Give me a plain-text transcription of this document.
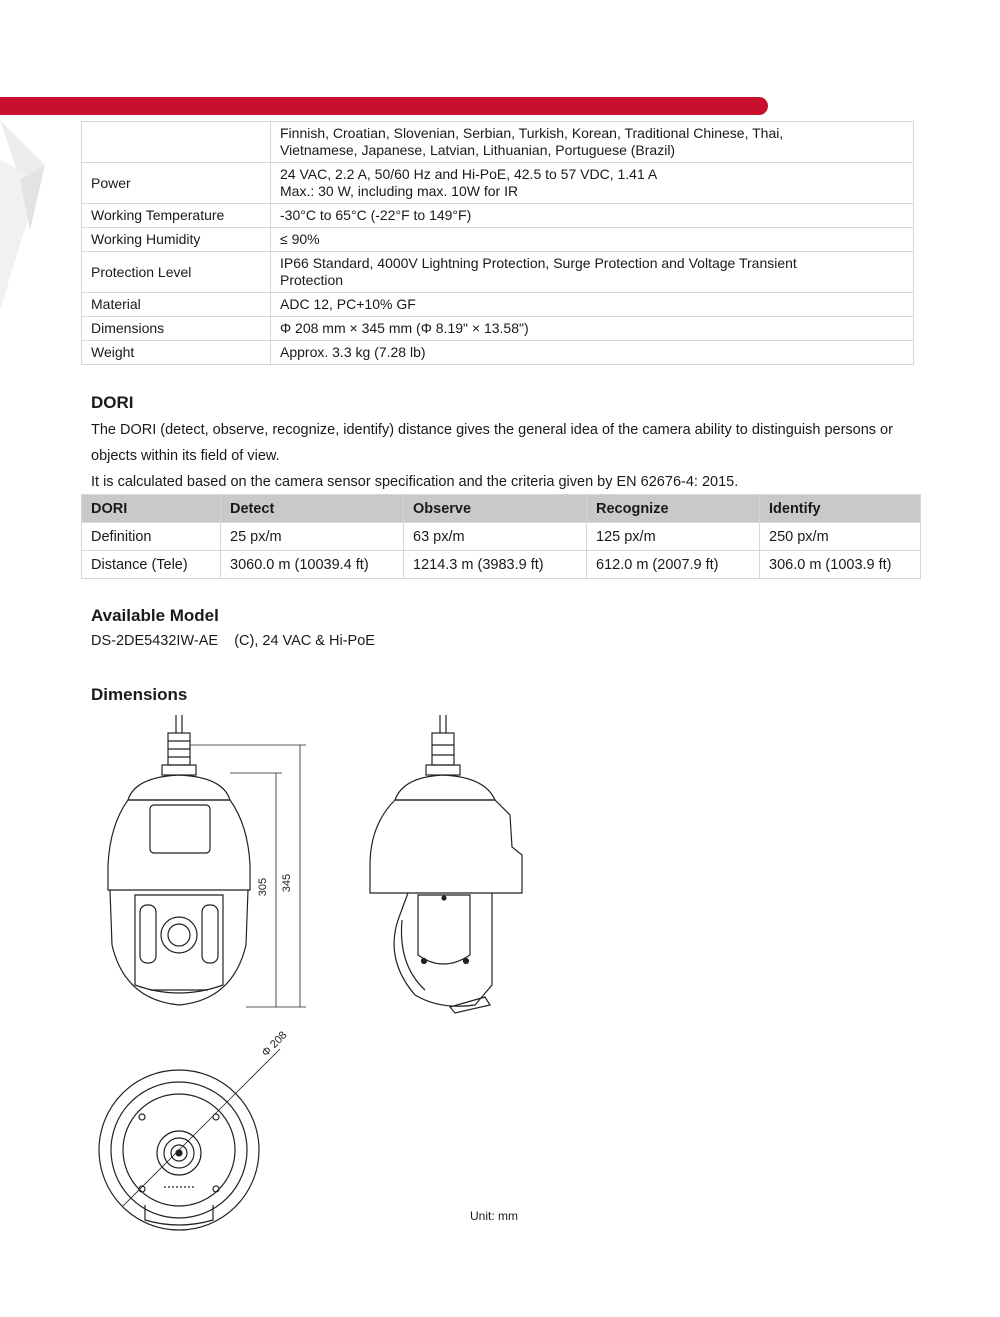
	Finnish, Croatian, Slovenian, Serbian, Turkish, Korean, Traditional Chinese, Thai,
Vietnamese, Japanese, Latvian, Lithuanian, Portuguese (Brazil)

Power	24 VAC, 2.2 A, 50/60 Hz and Hi-PoE, 42.5 to 57 VDC, 1.41 A
Max.: 30 W, including max. 10W for IR

Working Temperature	-30°C to 65°C (-22°F to 149°F)

Working Humidity	≤ 90%

Protection Level	IP66 Standard, 4000V Lightning Protection, Surge Protection and Voltage Transient
Protection

Material	ADC 12, PC+10% GF

Dimensions	Φ 208 mm × 345 mm (Φ 8.19" × 13.58")

Weight	Approx. 3.3 kg (7.28 lb)
DORI

The DORI (detect, observe, recognize, identify) distance gives the general idea of the camera ability to distinguish persons or objects within its field of view.

It is calculated based on the camera sensor specification and the criteria given by EN 62676-4: 2015.

DORI	Detect	Observe	Recognize	Identify
Definition	25 px/m	63 px/m	125 px/m	250 px/m
Distance (Tele)	3060.0 m (10039.4 ft)	1214.3 m (3983.9 ft)	612.0 m (2007.9 ft)	306.0 m (1003.9 ft)
Available Model
DS-2DE5432IW-AE (C), 24 VAC & Hi-PoE
Dimensions
345
305
Φ 208
Unit: mm
